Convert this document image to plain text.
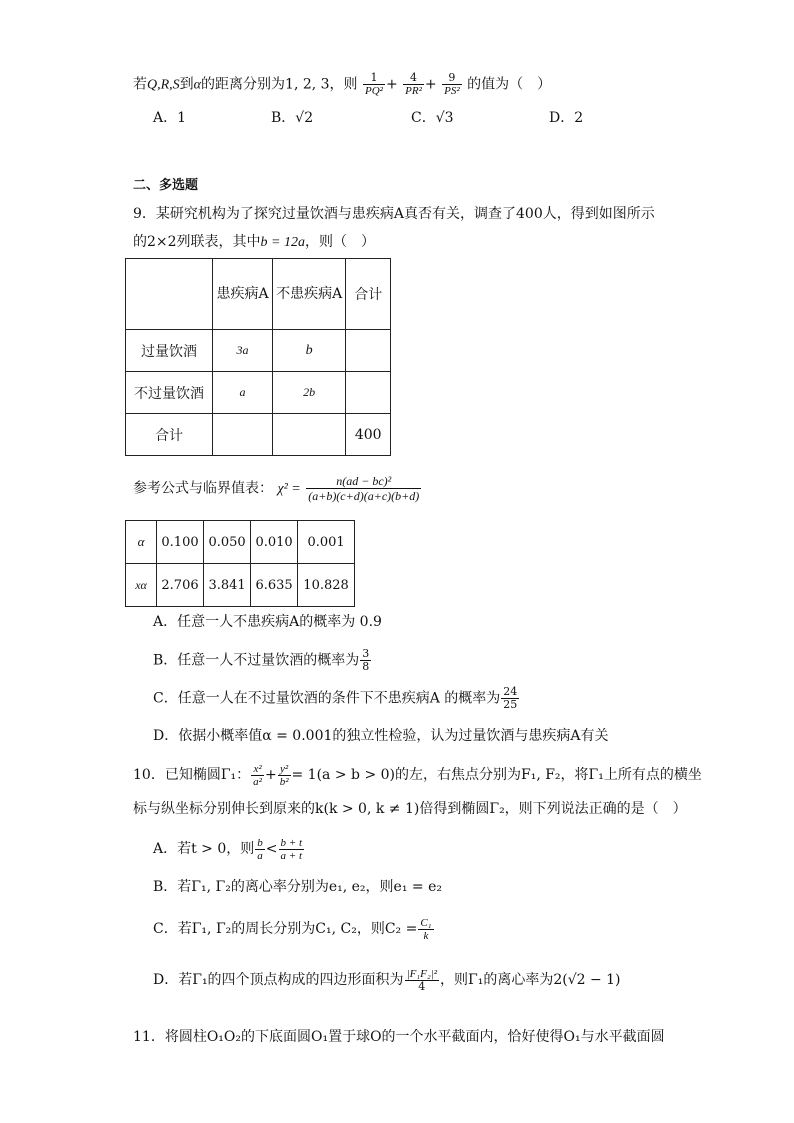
若Q,R,S到α的距离分别为1, 2, 3，则 $\frac{1}{\text{PQ²}} + \frac{4}{\text{PR²}} + \frac{9}{\text{PS²}}$ 的值为（　）
A．1	B．√2	C．√3	D．2
二、多选题
9．某研究机构为了探究过量饮酒与患疾病A真否有关，调查了400人，得到如图所示
的2×2列联表，其中b = 12a，则（　）
	患疾病A	不患疾病A	合计
过量饮酒	3a	b	
不过量饮酒	a	2b	
合计			400
参考公式与临界值表： $\chi^2 = \frac{\text{n(ad − bc)²}}{(a+b)(c+d)(a+c)(b+d)}$
α	0.100	0.050	0.010	0.001
xα	2.706	3.841	6.635	10.828
A．任意一人不患疾病A的概率为 0.9
B．任意一人不过量饮酒的概率为 $\frac{3}{8}$
C．任意一人在不过量饮酒的条件下不患疾病A 的概率为 $\frac{24}{25}$
D．依据小概率值α = 0.001的独立性检验，认为过量饮酒与患疾病A有关
10．已知椭圆Γ₁： $\frac{\text{x²}}{\text{a²}} + \frac{\text{y²}}{\text{b²}} = 1(a > b > 0)$的左，右焦点分别为F₁, F₂，将Γ₁上所有点的横坐
标与纵坐标分别伸长到原来的k(k > 0, k ≠ 1)倍得到椭圆Γ₂，则下列说法正确的是（　）
A．若t > 0，则 $\frac{b}{a} < \frac{b + t}{a + t}$
B．若Γ₁, Γ₂的离心率分别为e₁, e₂，则e₁ = e₂
C．若Γ₁, Γ₂的周长分别为C₁, C₂，则$C_2 = \frac{\text{C₁}}{k}$
D．若Γ₁的四个顶点构成的四边形面积为 $\frac{\text{|F₁F₂|²}}{4}$ ，则Γ₁的离心率为2(√2 − 1)
11．将圆柱O₁O₂的下底面圆O₁置于球O的一个水平截面内，恰好使得O₁与水平截面圆
